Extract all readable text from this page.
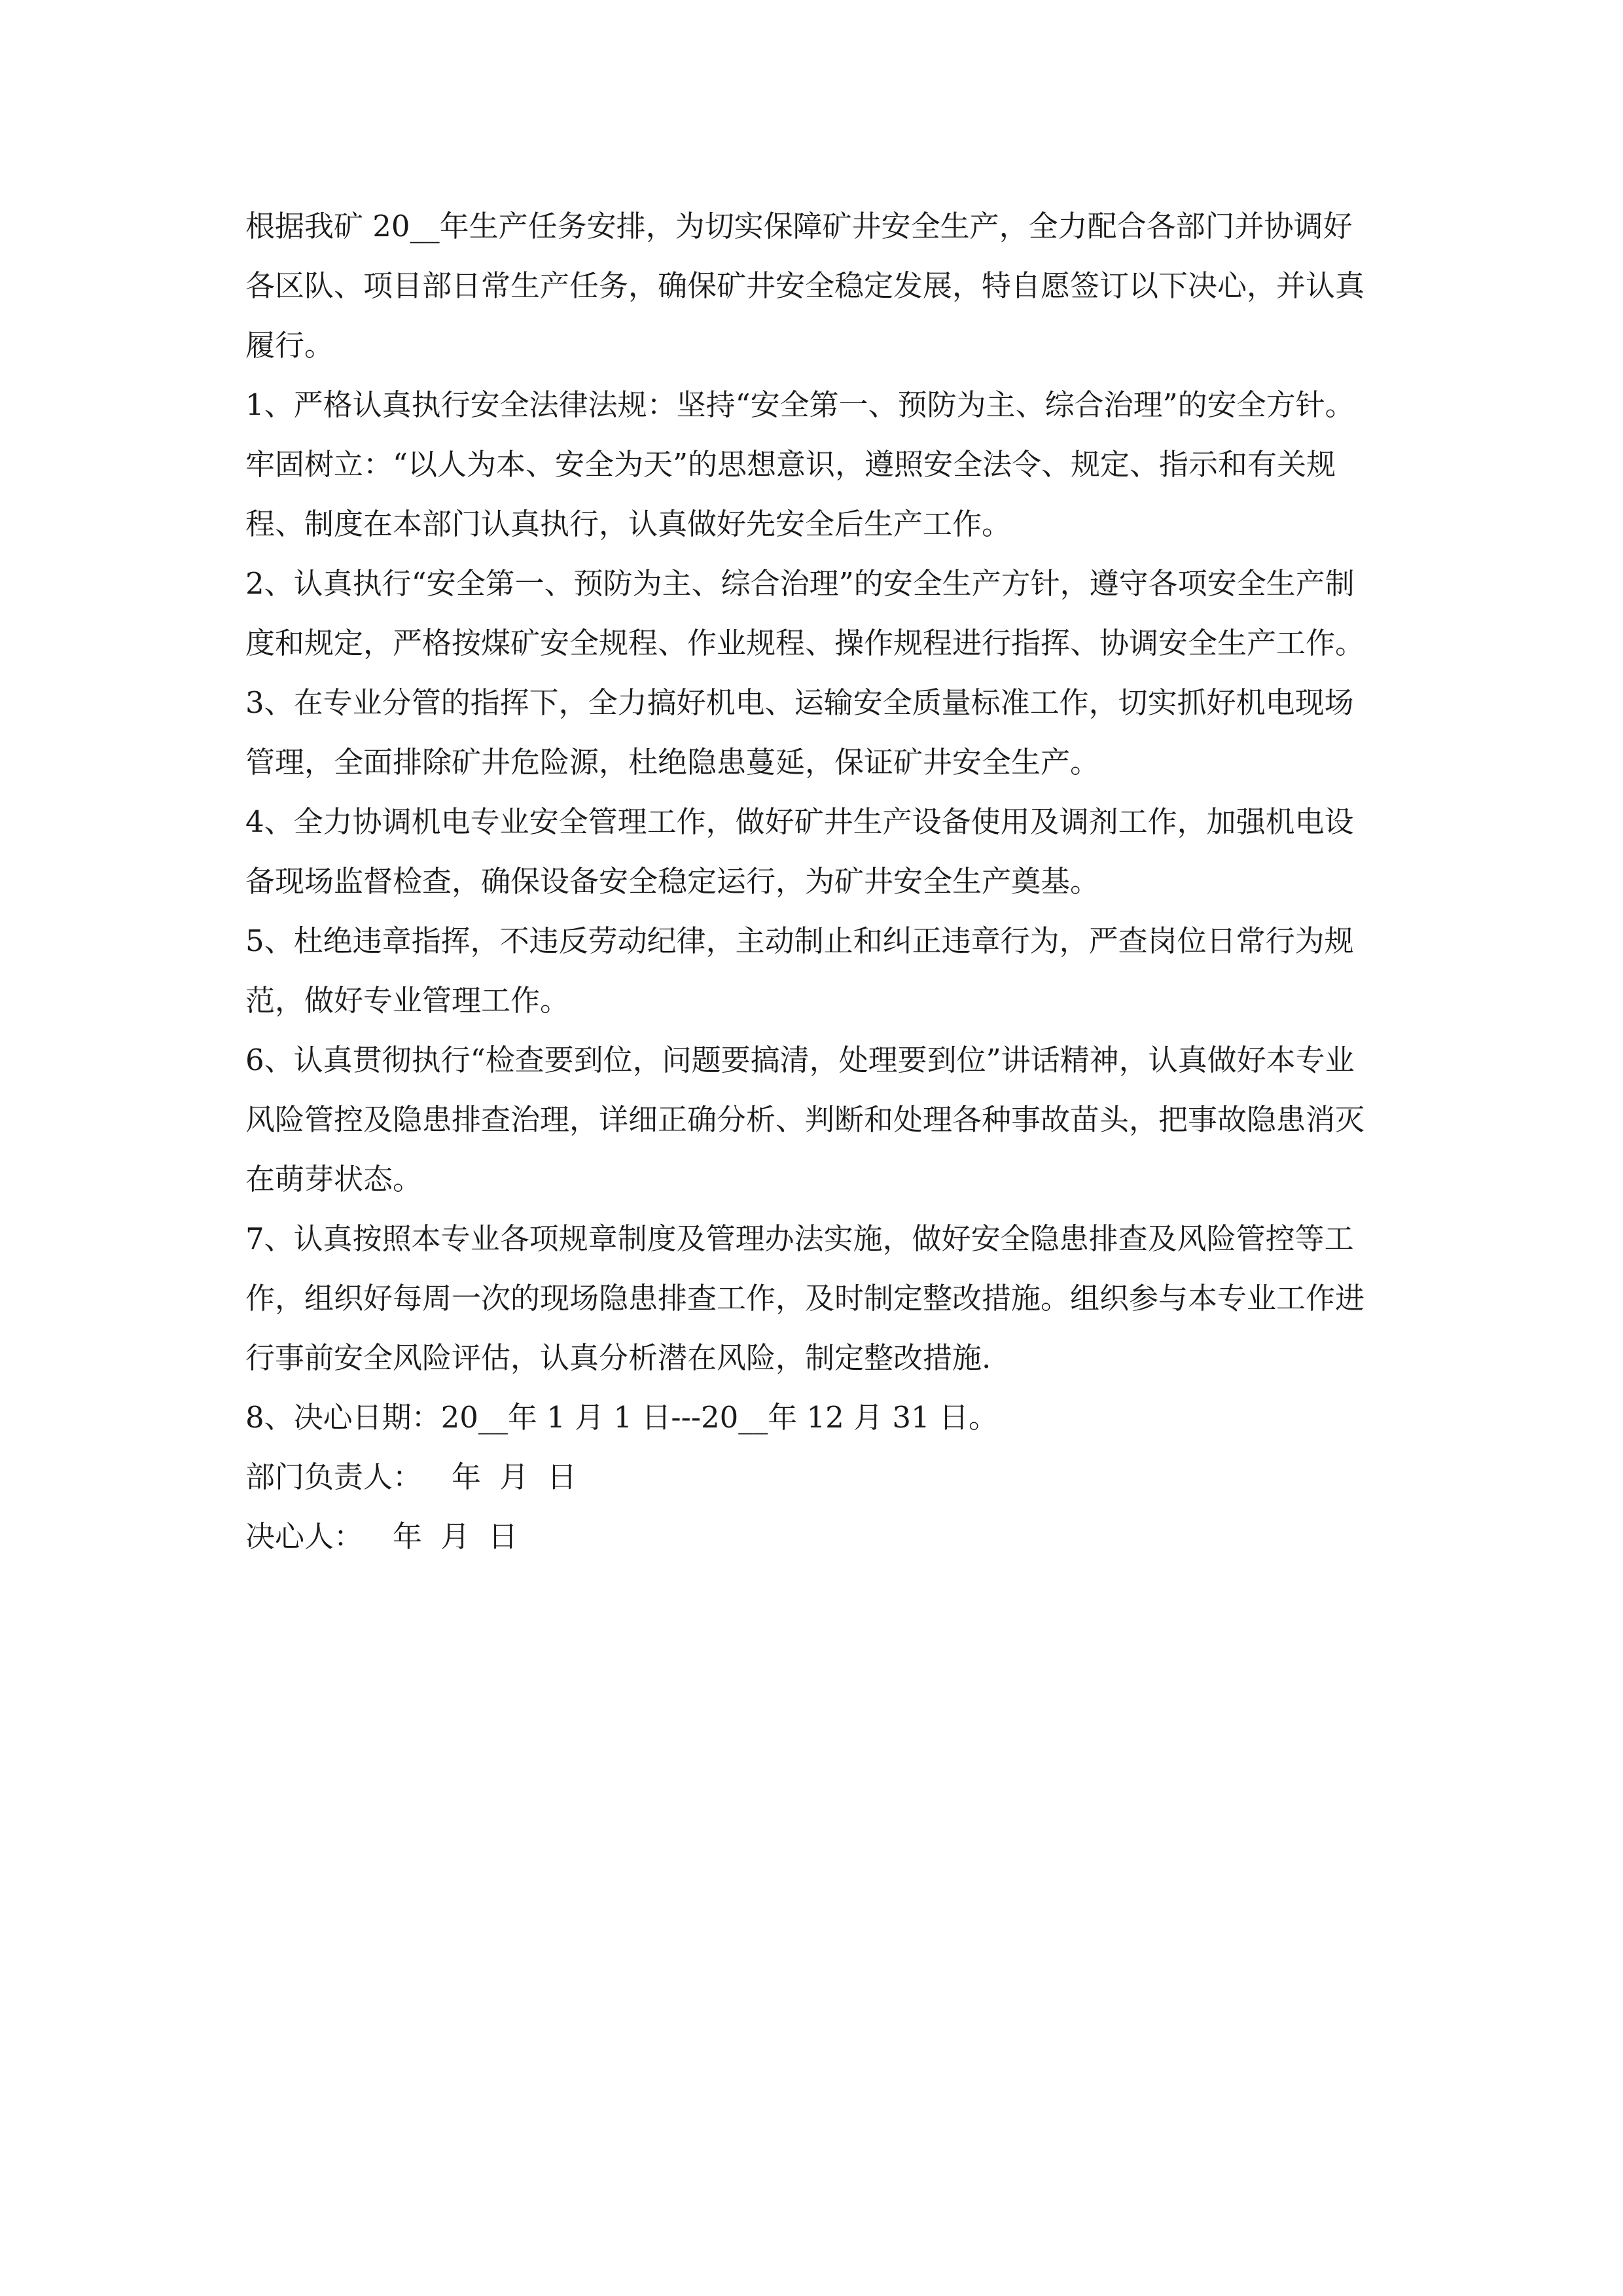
根据我矿 20__年生产任务安排，为切实保障矿井安全生产，全力配合各部门并协调好各区队、项目部日常生产任务，确保矿井安全稳定发展，特自愿签订以下决心，并认真履行。

1、严格认真执行安全法律法规：坚持“安全第一、预防为主、综合治理”的安全方针。牢固树立：“以人为本、安全为天”的思想意识，遵照安全法令、规定、指示和有关规程、制度在本部门认真执行，认真做好先安全后生产工作。

2、认真执行“安全第一、预防为主、综合治理”的安全生产方针，遵守各项安全生产制度和规定，严格按煤矿安全规程、作业规程、操作规程进行指挥、协调安全生产工作。

3、在专业分管的指挥下，全力搞好机电、运输安全质量标准工作，切实抓好机电现场管理，全面排除矿井危险源，杜绝隐患蔓延，保证矿井安全生产。

4、全力协调机电专业安全管理工作，做好矿井生产设备使用及调剂工作，加强机电设备现场监督检查，确保设备安全稳定运行，为矿井安全生产奠基。

5、杜绝违章指挥，不违反劳动纪律，主动制止和纠正违章行为，严查岗位日常行为规范，做好专业管理工作。

6、认真贯彻执行“检查要到位，问题要搞清，处理要到位”讲话精神，认真做好本专业风险管控及隐患排查治理，详细正确分析、判断和处理各种事故苗头，把事故隐患消灭在萌芽状态。

7、认真按照本专业各项规章制度及管理办法实施，做好安全隐患排查及风险管控等工作，组织好每周一次的现场隐患排查工作，及时制定整改措施。组织参与本专业工作进行事前安全风险评估，认真分析潜在风险，制定整改措施.

8、决心日期：20__年 1 月 1 日---20__年 12 月 31 日。

部门负责人： 年 月 日

决心人： 年 月 日
